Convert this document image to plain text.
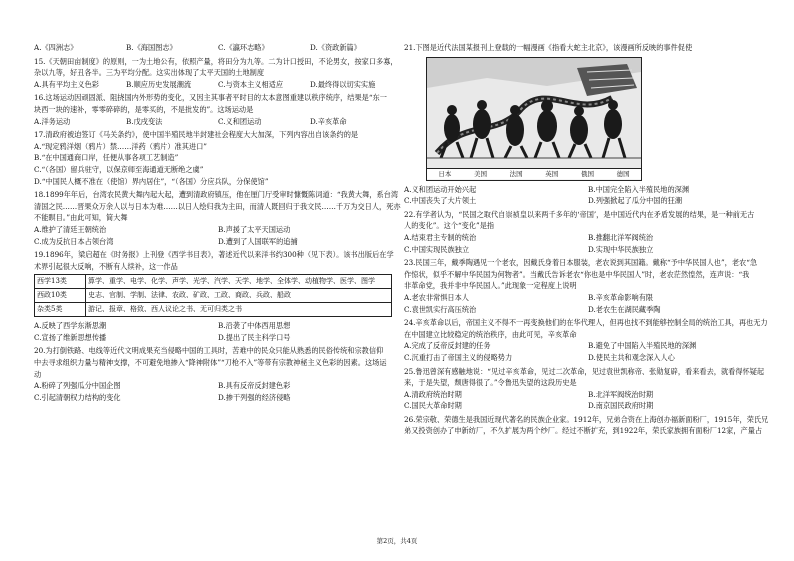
A.《四洲志》	B.《海国图志》	C.《瀛环志略》	D.《资政新篇》

15.《天朝田亩制度》的原则，一为土地公有，依照产量，将田分为九等。二为计口授田，不论男女，按家口多寡，

杂以九等，好丑各半。三为平均分配。这实出体现了太平天国的土地制度

A.具有平均主义色彩	B.顺应历史发展潮流	C.与资本主义相适应	D.最终得以切实实施

16.这场运动因顽固派、阻挠国内外形势的变化，又因主其事者平时目的太本意图重建以秩序统序，结果是“东一

块西一块的速补，零零碎碎的，是零买的，不是批发的”。这场运动是

A.洋务运动	B.戊戌变法	C.义和团运动	D.辛亥革命

17.清政府被迫签订《马关条约》，使中国半殖民地半封建社会程度大大加深，下列内容出自该条约的是

A.“现定鸦洋烟（鸦片）禁……洋药（鸦片）准其进口”

B.“在中国通商口岸，任便从事各项工艺制造”

C.“（各国）留兵驻守，以保京师至海通道无断绝之虞”

D.“中国民人概不准在（使馆）界内居住”，“（各国）分应兵队，分保使馆”

18.1899年年后，台湾农民黄大舞内起大起，遭到清政府镇压，他在厘门厅受审时慷慨陈词道：“我黄大舞，系台湾

清国之民……晋果众万余人以与日本为难……以日人绘归我为主田，而清人既回归于我文民……千万为交日人，死亦

不能瞑目。”由此可知，简大舞

A.维护了清廷王朝统治	B.声援了太平天国运动
C.成为反抗日本占领台湾	D.遭到了人国联军的追捕

19.1896年，梁启超在《时务报》上刊登《西学书目表》，著述近代以来洋书约300种（见下表）。该书出版后在学

术界引起很大反响，不断有人续补，这一作品

西学13类	算学、重学、电学、化学、声学、光学、汽学、天学、地学、全体学、动植物学、医学、图学
西政10类	史志、官制、学制、法律、农政、矿政、工政、商政、兵政、船政
杂类5类	游记、报章、格致、西人议论之书、无可归类之书
A.反映了西学东渐思潮	B.沿袭了中体西用思想
C.宣扬了维新思想传播	D.提出了民主科学口号

20.为打倒铁路、电线等近代文明成果充当侵略中国的工具时，苦难中的民众只能从熟悉的民俗传统和宗教信仰

中去寻求组织力量与精神支撑，不可避免地掺入“降神附体”“刀枪不入”等带有宗教神秘主义色彩的因素。这场运

动

A.粉碎了列强瓜分中国企图	B.具有反帝反封建色彩
C.引起清朝权力结构的变化	D.掺干列强的经济侵略

21.下图是近代法国某报刊上登载的一幅漫画《指看大蛇主北京》，该漫画所反映的事件促使

日本	美国	法国	英国	俄国	德国
A.义和团运动开始兴起	B.中国完全陷入半殖民地的深渊
C.中国丧失了大片领土	D.列强掀起了瓜分中国的狂潮

22.有学者认为，“民国之取代自崇祯皇以来两千多年的‘帝国’，是中国近代内在矛盾发展的结果，是一种前无古

人的变化”。这个“变化”是指

A.结束君主专制的统治	B.推翻北洋军阀统治
C.中国实现民族独立	D.实现中华民族独立

23.民国三年，戴季陶遇见一个老农，因戴氏身着日本服装，老农说到其国籍。戴称“予中华民国人也”，老农“急

作惊状，似乎不解中华民国为何物者”。当戴氏告诉老农“你也是中华民国人”时，老农茫然惶然，连声说：“我

非革命党，我并非中华民国人。”此现象一定程度上说明

A.老农非常惧日本人	B.辛亥革命影响有限
C.袁世凯实行高压统治	D.老农生在湖民藏季陶

24.辛亥革命以后，帝国主义不得不一再变换他们的在华代理人，但再也找不到能够控制全局的统治工具，再也无力

在中国建立比较稳定的统治秩序，由此可见，辛亥革命

A.完成了反帝反封建的任务	B.避免了中国陷入半殖民地的深渊
C.沉重打击了帝国主义的侵略势力	D.使民主共和观念深入人心

25.鲁迅曾深有感触地说：“见过辛亥革命，见过二次革命，见过袁世凯称帝、张勋复辟，看来看去，就看得怀疑起

来，于是失望，颓唐得很了。”令鲁迅失望的这段历史是

A.清政府统治时期	B.北洋军阀统治时期
C.国民大革命时期	D.南京国民政府时期

26.荣宗敬、荣德生是我国近现代著名的民族企业家。1912年，兄弟合资在上海创办福新面粉厂，1915年，荣氏兄

弟又投资创办了申新纺厂，不久扩展为两个纱厂。经过不断扩充，到1922年，荣氏家族拥有面粉厂12家，产量占

第2页，共4页
